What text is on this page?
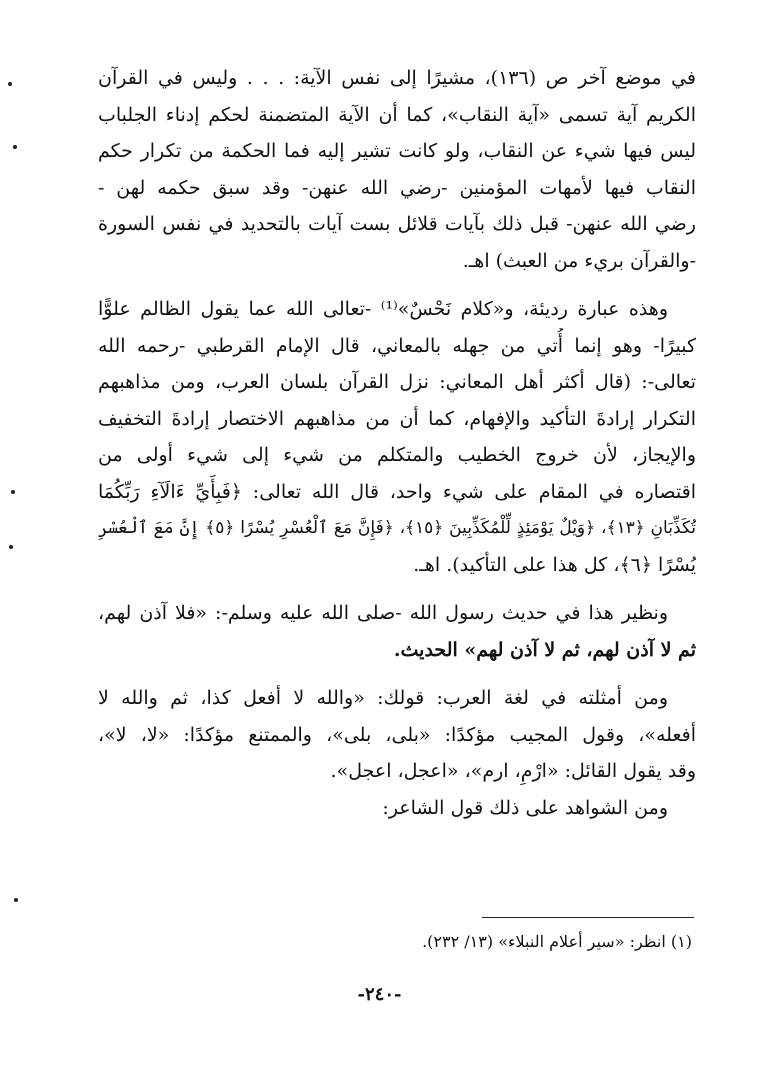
في موضع آخر ص (١٣٦)، مشيرًا إلى نفس الآية: . . . وليس في القرآن
الكريم آية تسمى «آية النقاب»، كما أن الآية المتضمنة لحكم إدناء الجلباب
ليس فيها شيء عن النقاب، ولو كانت تشير إليه فما الحكمة من تكرار حكم
النقاب فيها لأمهات المؤمنين -رضي الله عنهن- وقد سبق حكمه لهن -
رضي الله عنهن- قبل ذلك بآيات قلائل بست آيات بالتحديد في نفس السورة
-والقرآن بريء من العبث) اهـ.
وهذه عبارة رديئة، و«كلام نَحْسٌ»⁽¹⁾ -تعالى الله عما يقول الظالم علوًّا
كبيرًا- وهو إنما أُتي من جهله بالمعاني، قال الإمام القرطبي -رحمه الله
تعالى-: (قال أكثر أهل المعاني: نزل القرآن بلسان العرب، ومن مذاهبهم
التكرار إرادةَ التأكيد والإفهام، كما أن من مذاهبهم الاختصار إرادةَ التخفيف
والإيجاز، لأن خروج الخطيب والمتكلم من شيء إلى شيء أولى من
اقتصاره في المقام على شيء واحد، قال الله تعالى: ﴿فَبِأَيِّ ءَالَآءِ رَبِّكُمَا
تُكَذِّبَانِ ﴿١٣﴾، ﴿وَيْلٌ يَوْمَئِذٍ لِّلْمُكَذِّبِينَ ﴿١٥﴾، ﴿فَإِنَّ مَعَ ٱلْعُسْرِ يُسْرًا ﴿٥﴾ إِنَّ مَعَ ٱلْعُسْرِ
يُسْرًا ﴿٦﴾، كل هذا على التأكيد). اهـ.
ونظير هذا في حديث رسول الله -صلى الله عليه وسلم-: «فلا آذن لهم،
ثم لا آذن لهم، ثم لا آذن لهم» الحديث.
ومن أمثلته في لغة العرب: قولك: «والله لا أفعل كذا، ثم والله لا
أفعله»، وقول المجيب مؤكدًا: «بلى، بلى»، والممتنع مؤكدًا: «لا، لا»،
وقد يقول القائل: «ارْمِ، ارم»، «اعجل، اعجل».
ومن الشواهد على ذلك قول الشاعر:
(١) انظر: «سير أعلام النبلاء» (١٣/ ٢٣٢).
-٢٤٠-
